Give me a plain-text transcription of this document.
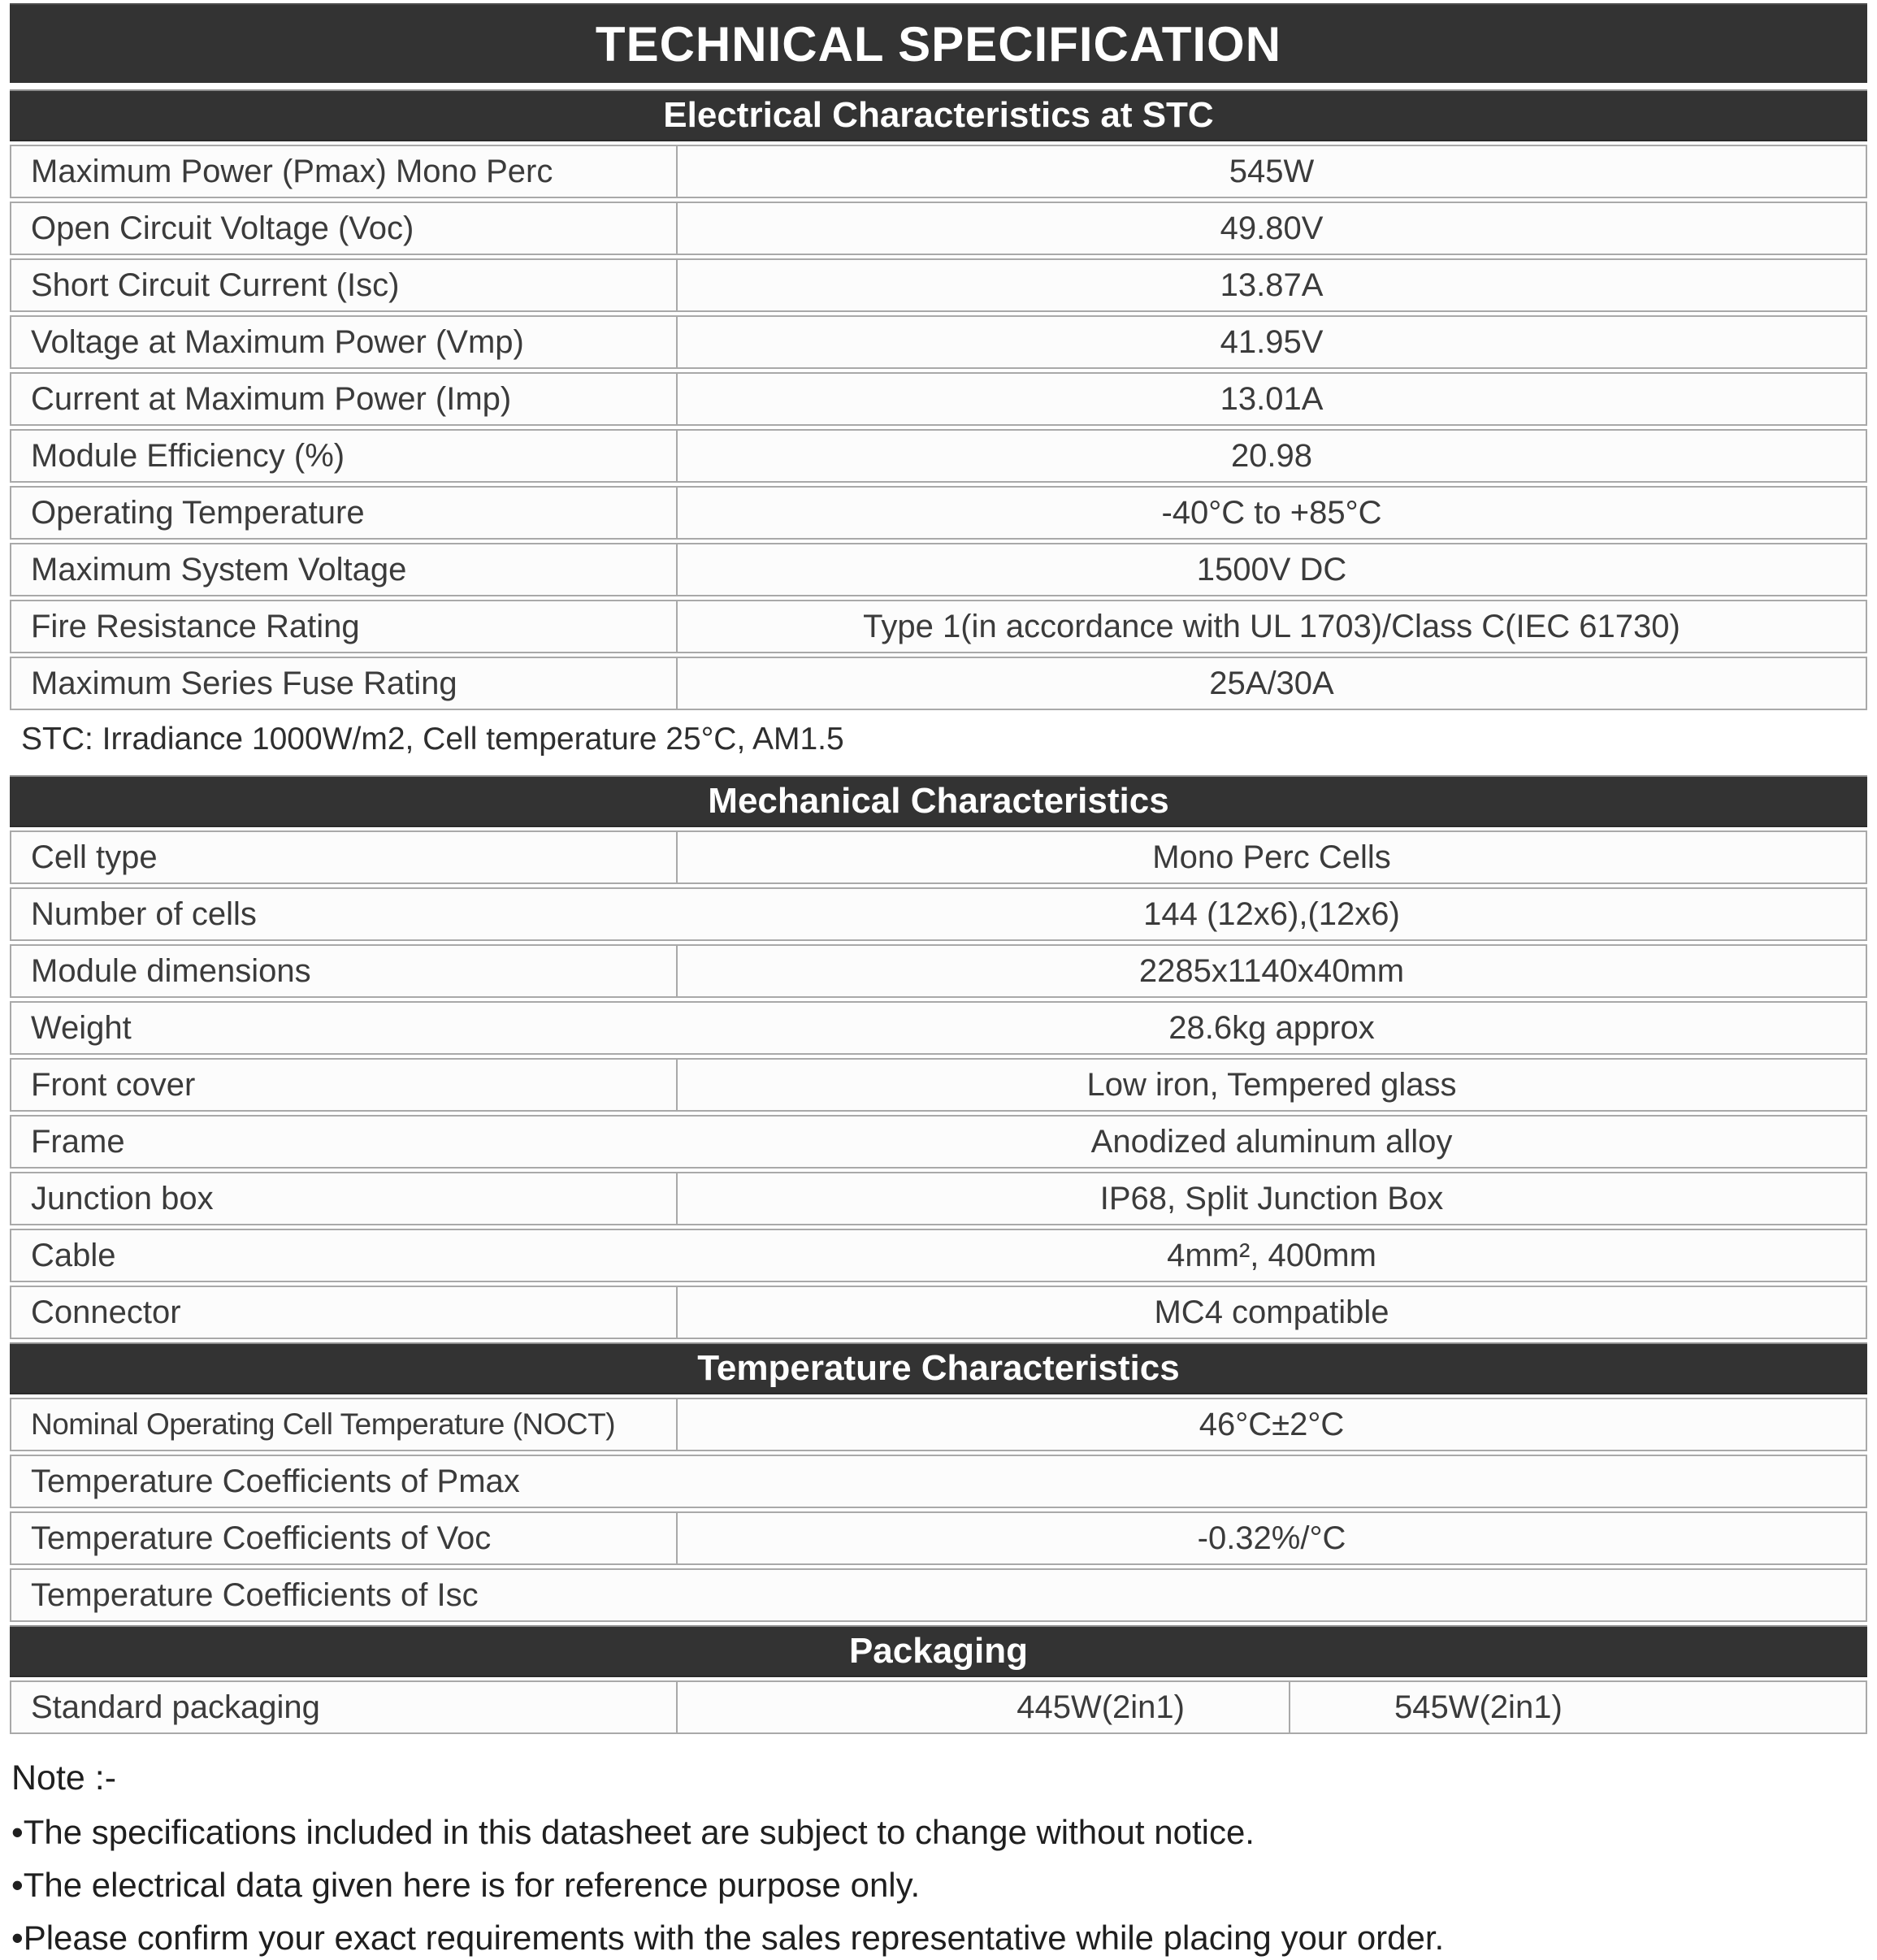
TECHNICAL SPECIFICATION
Electrical Characteristics at STC
Maximum Power (Pmax) Mono Perc	545W
Open Circuit Voltage (Voc)	49.80V
Short Circuit Current (Isc)	13.87A
Voltage at Maximum Power (Vmp)	41.95V
Current at Maximum Power (Imp)	13.01A
Module Efficiency (%)	20.98
Operating Temperature	-40°C to +85°C
Maximum System Voltage	1500V DC
Fire Resistance Rating	Type 1(in accordance with UL 1703)/Class C(IEC 61730)
Maximum Series Fuse Rating	25A/30A
STC: Irradiance 1000W/m2, Cell temperature 25°C, AM1.5
Mechanical Characteristics
Cell type	Mono Perc Cells
Number of cells	144 (12x6),(12x6)
Module dimensions	2285x1140x40mm
Weight	28.6kg approx
Front cover	Low iron, Tempered glass
Frame	Anodized aluminum alloy
Junction box	IP68, Split Junction Box
Cable	4mm², 400mm
Connector	MC4 compatible
Temperature Characteristics
Nominal Operating Cell Temperature (NOCT)	46°C±2°C
Temperature Coefficients of Pmax
Temperature Coefficients of Voc	-0.32%/°C
Temperature Coefficients of Isc
Packaging
Standard packaging	445W(2in1)	545W(2in1)
Note :-
•The specifications included in this datasheet are subject to change without notice.
•The electrical data given here is for reference purpose only.
•Please confirm your exact requirements with the sales representative while placing your order.
